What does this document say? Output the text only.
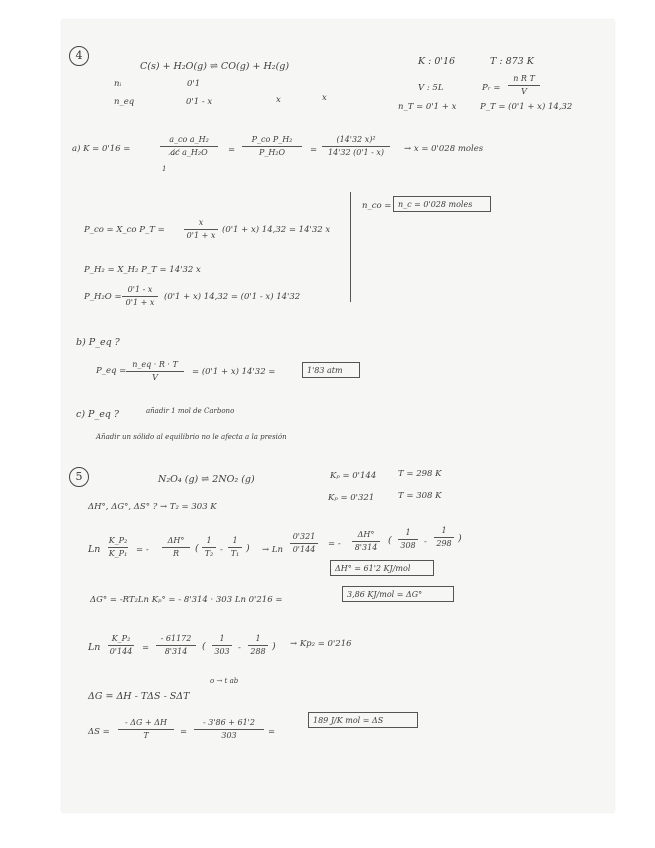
4
C(s) + H₂O(g) ⇌ CO(g) + H₂(g)	K : 0'16	T : 873 K
nᵢ	0'1	V : 5L	Pᵣ =
n R T
V
n_eq	0'1 - x	x	x
n_T = 0'1 + x	P_T = (0'1 + x) 14,32
a) K = 0'16 =
a_co a_H₂
a̸c̸ a_H₂O
1
=
P_co P_H₂
P_H₂O	=
(14'32 x)²
14'32 (0'1 - x)	→ x = 0'028 moles
n_co = n_c = 0'028 moles
P_co = X_co P_T =
x
0'1 + x
(0'1 + x) 14,32 = 14'32 x
P_H₂ = X_H₂ P_T = 14'32 x
P_H₂O =
0'1 - x
0'1 + x
(0'1 + x) 14,32 = (0'1 - x) 14'32
b) P_eq ?
P_eq =
n_eq · R · T
V
= (0'1 + x) 14'32 =	1'83 atm
c) P_eq ?	añadir 1 mol de Carbono
Añadir un sólido al equilibrio no le afecta a la presión
5	N₂O₄ (g) ⇌ 2NO₂ (g)	Kₚ = 0'144	T = 298 K
Kₚ = 0'321	T = 308 K
ΔH°, ΔG°, ΔS° ? → T₂ = 303 K
Ln
K_P₂
K_P₁ = -
ΔH°
R	(
1
T₂ -
1
T₁ ) → Ln
0'321
0'144
= -
ΔH°
8'314
(
1
308 -
1
298 )
ΔH° = 61'2 KJ/mol
ΔG° = -RT₂Ln Kₚ° = - 8'314 · 303 Ln 0'216 =
3,86 KJ/mol = ΔG°
Ln
K_P₂
0'144 =
- 61172
8'314	(
1
303 -
1
288 ) → Kp₂ = 0'216
o → t ab
ΔG = ΔH - TΔS - SΔT
ΔS =
- ΔG + ΔH
T	=
- 3'86 + 61'2
303	=
189 J/K mol = ΔS
